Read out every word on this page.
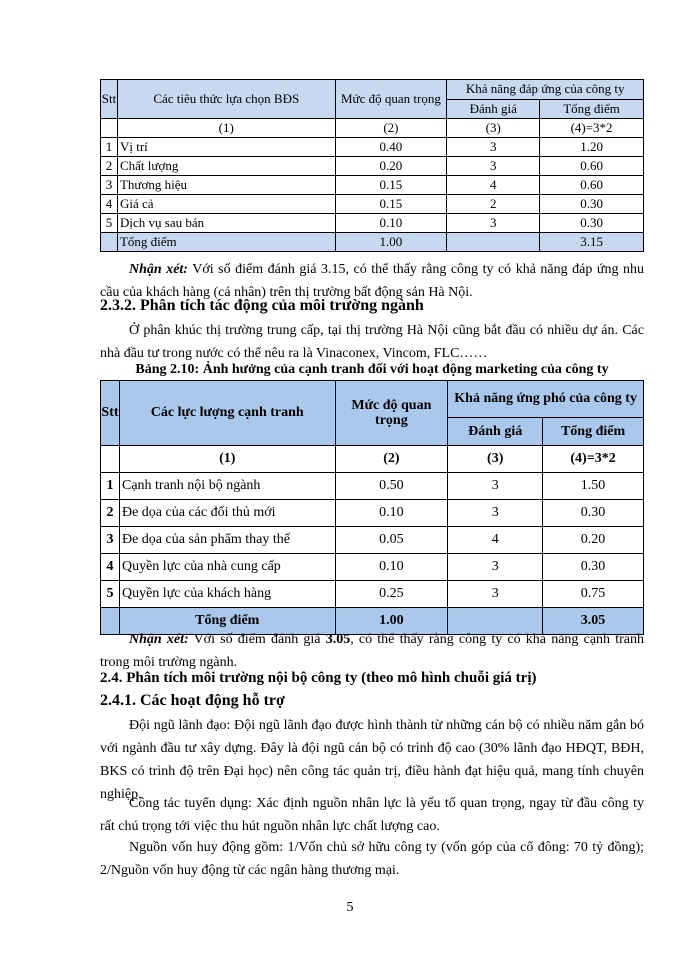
Stt	Các tiêu thức lựa chọn BĐS	Mức độ quan trọng	Khả năng đáp ứng của công ty	
			Đánh giá	Tổng điểm
	(1)	(2)	(3)	(4)=3*2
1	Vị trí	0.40	3	1.20
2	Chất lượng	0.20	3	0.60
3	Thương hiệu	0.15	4	0.60
4	Giá cả	0.15	2	0.30
5	Dịch vụ sau bán	0.10	3	0.30
	Tổng điểm	1.00		3.15
Nhận xét: Với số điểm đánh giá 3.15, có thể thấy rằng công ty có khả năng đáp ứng nhu cầu của khách hàng (cá nhân) trên thị trường bất động sản Hà Nội.
2.3.2. Phân tích tác động của môi trường ngành
Ở phân khúc thị trường trung cấp, tại thị trường Hà Nội cũng bắt đầu có nhiều dự án. Các nhà đầu tư trong nước có thể nêu ra là Vinaconex, Vincom, FLC……
Bảng 2.10: Ảnh hưởng của cạnh tranh đối với hoạt động marketing của công ty
Stt	Các lực lượng cạnh tranh	Mức độ quan trọng	Khả năng ứng phó của công ty	
			Đánh giá	Tổng điểm
	(1)	(2)	(3)	(4)=3*2
1	Cạnh tranh nội bộ ngành	0.50	3	1.50
2	Đe dọa của các đối thủ mới	0.10	3	0.30
3	Đe dọa của sản phẩm thay thế	0.05	4	0.20
4	Quyền lực của nhà cung cấp	0.10	3	0.30
5	Quyền lực của khách hàng	0.25	3	0.75
	Tổng điểm	1.00		3.05
Nhận xét: Với số điểm đánh giá 3.05, có thể thấy rằng công ty có khả năng cạnh tranh trong môi trường ngành.
2.4. Phân tích môi trường nội bộ công ty (theo mô hình chuỗi giá trị)
2.4.1. Các hoạt động hỗ trợ
Đội ngũ lãnh đạo: Đội ngũ lãnh đạo được hình thành từ những cán bộ có nhiều năm gắn bó với ngành đầu tư xây dựng. Đây là đội ngũ cán bộ có trình độ cao (30% lãnh đạo HĐQT, BĐH, BKS có trình độ trên Đại học) nên công tác quản trị, điều hành đạt hiệu quả, mang tính chuyên nghiệp.
Công tác tuyển dụng: Xác định nguồn nhân lực là yếu tố quan trọng, ngay từ đầu công ty rất chú trọng tới việc thu hút nguồn nhân lực chất lượng cao.
Nguồn vốn huy động gồm: 1/Vốn chủ sở hữu công ty (vốn góp của cổ đông: 70 tỷ đồng); 2/Nguồn vốn huy động từ các ngân hàng thương mại.
5
